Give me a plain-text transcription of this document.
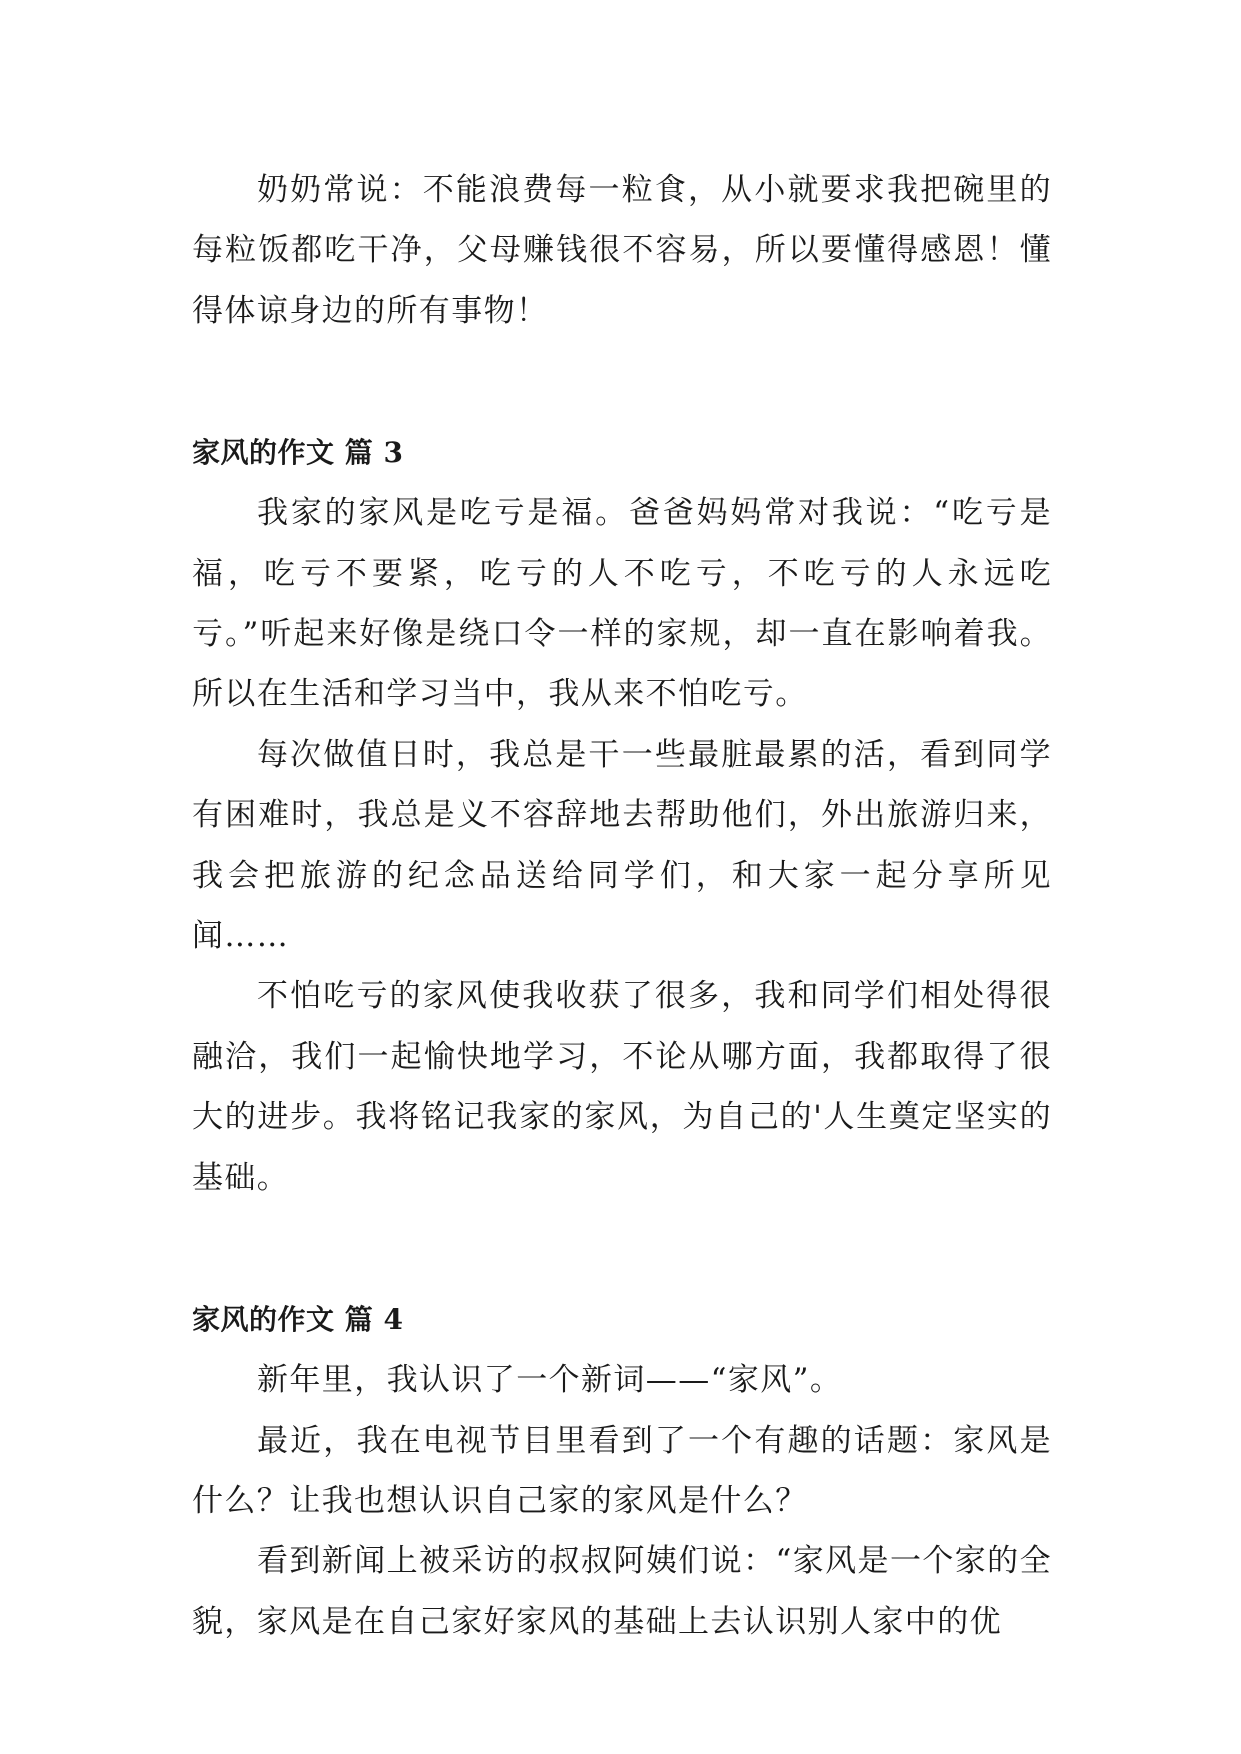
奶奶常说：不能浪费每一粒食，从小就要求我把碗里的每粒饭都吃干净，父母赚钱很不容易，所以要懂得感恩！懂得体谅身边的所有事物！

家风的作文 篇 3

我家的家风是吃亏是福。爸爸妈妈常对我说：“吃亏是福，吃亏不要紧，吃亏的人不吃亏，不吃亏的人永远吃亏。”听起来好像是绕口令一样的家规，却一直在影响着我。所以在生活和学习当中，我从来不怕吃亏。

每次做值日时，我总是干一些最脏最累的活，看到同学有困难时，我总是义不容辞地去帮助他们，外出旅游归来，我会把旅游的纪念品送给同学们，和大家一起分享所见闻……

不怕吃亏的家风使我收获了很多，我和同学们相处得很融洽，我们一起愉快地学习，不论从哪方面，我都取得了很大的进步。我将铭记我家的家风，为自己的'人生奠定坚实的基础。

家风的作文 篇 4

新年里，我认识了一个新词——“家风”。

最近，我在电视节目里看到了一个有趣的话题：家风是什么？让我也想认识自己家的家风是什么？

看到新闻上被采访的叔叔阿姨们说：“家风是一个家的全貌，家风是在自己家好家风的基础上去认识别人家中的优
